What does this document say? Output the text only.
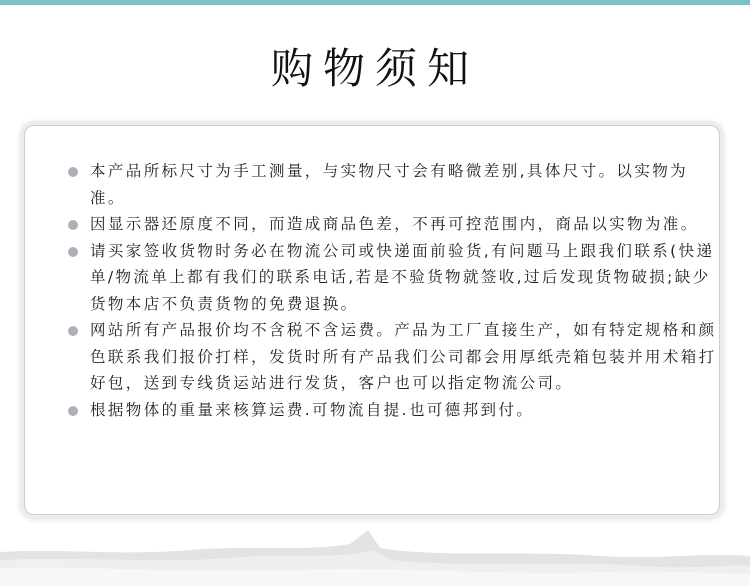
购物须知
本产品所标尺寸为手工测量，与实物尺寸会有略微差别,具体尺寸。以实物为准。
因显示器还原度不同，而造成商品色差，不再可控范围内，商品以实物为准。
请买家签收货物时务必在物流公司或快递面前验货,有问题马上跟我们联系(快递单/物流单上都有我们的联系电话,若是不验货物就签收,过后发现货物破损;缺少货物本店不负责货物的免费退换。
网站所有产品报价均不含税不含运费。产品为工厂直接生产，如有特定规格和颜色联系我们报价打样，发货时所有产品我们公司都会用厚纸壳箱包装并用术箱打好包，送到专线货运站进行发货，客户也可以指定物流公司。
根据物体的重量来核算运费.可物流自提.也可德邦到付。
